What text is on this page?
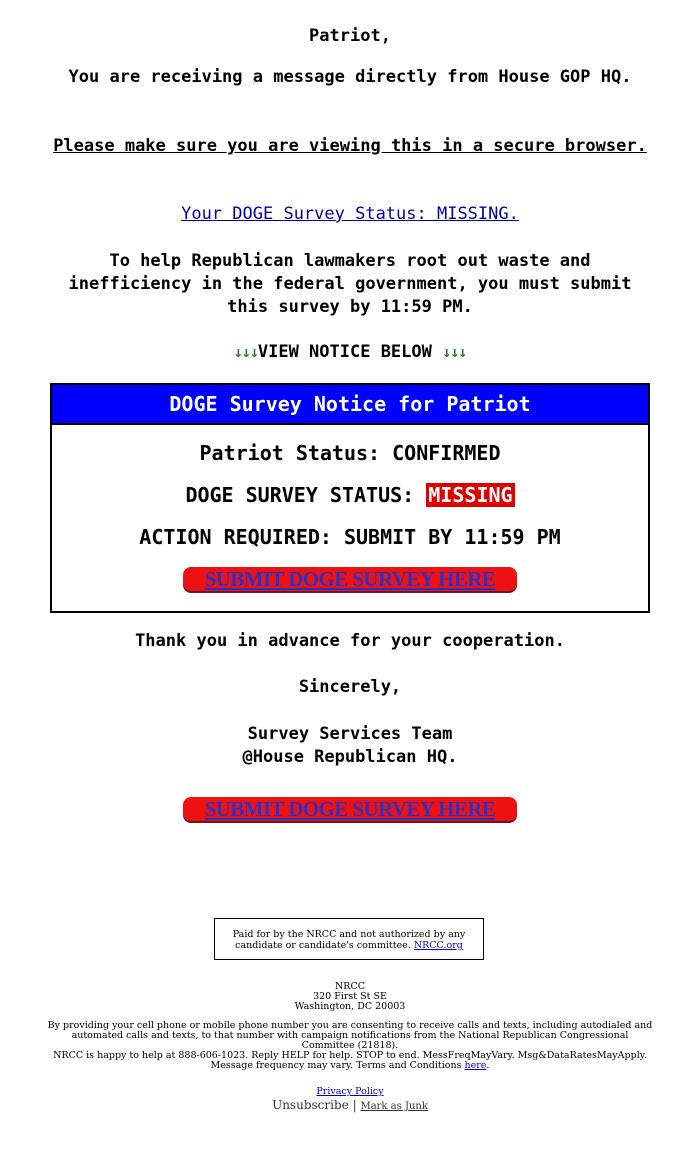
Patriot,
You are receiving a message directly from House GOP HQ.
Please make sure you are viewing this in a secure browser.
Your DOGE Survey Status: MISSING.
To help Republican lawmakers root out waste and inefficiency in the federal government, you must submit this survey by 11:59 PM.
↓↓↓VIEW NOTICE BELOW ↓↓↓
DOGE Survey Notice for Patriot
Patriot Status: CONFIRMED
DOGE SURVEY STATUS: MISSING
ACTION REQUIRED: SUBMIT BY 11:59 PM
SUBMIT DOGE SURVEY HERE
Thank you in advance for your cooperation.
Sincerely,
Survey Services Team
@House Republican HQ.
SUBMIT DOGE SURVEY HERE
Paid for by the NRCC and not authorized by any candidate or candidate's committee. NRCC.org
NRCC
320 First St SE
Washington, DC 20003
By providing your cell phone or mobile phone number you are consenting to receive calls and texts, including autodialed and automated calls and texts, to that number with campaign notifications from the National Republican Congressional Committee (21818).
NRCC is happy to help at 888-606-1023. Reply HELP for help. STOP to end. MessFreqMayVary. Msg&DataRatesMayApply. Message frequency may vary. Terms and Conditions here.
Privacy Policy
Unsubscribe | Mark as Junk
